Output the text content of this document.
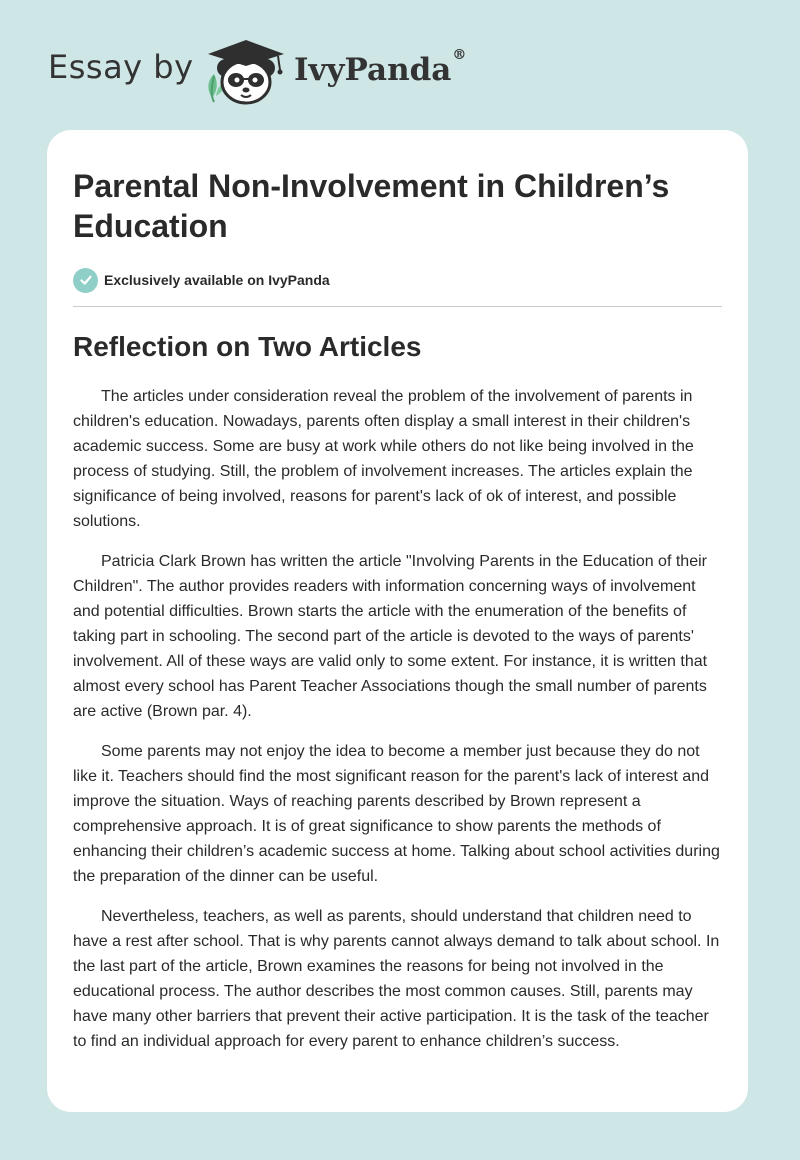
Essay by	IvyPanda®
Parental Non-Involvement in Children’s Education
Exclusively available on IvyPanda
Reflection on Two Articles

The articles under consideration reveal the problem of the involvement of parents in children's education. Nowadays, parents often display a small interest in their children's academic success. Some are busy at work while others do not like being involved in the process of studying. Still, the problem of involvement increases. The articles explain the significance of being involved, reasons for parent's lack of ok of interest, and possible solutions.

Patricia Clark Brown has written the article "Involving Parents in the Education of their Children". The author provides readers with information concerning ways of involvement and potential difficulties. Brown starts the article with the enumeration of the benefits of taking part in schooling. The second part of the article is devoted to the ways of parents' involvement. All of these ways are valid only to some extent. For instance, it is written that almost every school has Parent Teacher Associations though the small number of parents are active (Brown par. 4).

Some parents may not enjoy the idea to become a member just because they do not like it. Teachers should find the most significant reason for the parent's lack of interest and improve the situation. Ways of reaching parents described by Brown represent a comprehensive approach. It is of great significance to show parents the methods of enhancing their children’s academic success at home. Talking about school activities during the preparation of the dinner can be useful.

Nevertheless, teachers, as well as parents, should understand that children need to have a rest after school. That is why parents cannot always demand to talk about school. In the last part of the article, Brown examines the reasons for being not involved in the educational process. The author describes the most common causes. Still, parents may have many other barriers that prevent their active participation. It is the task of the teacher to find an individual approach for every parent to enhance children’s success.
